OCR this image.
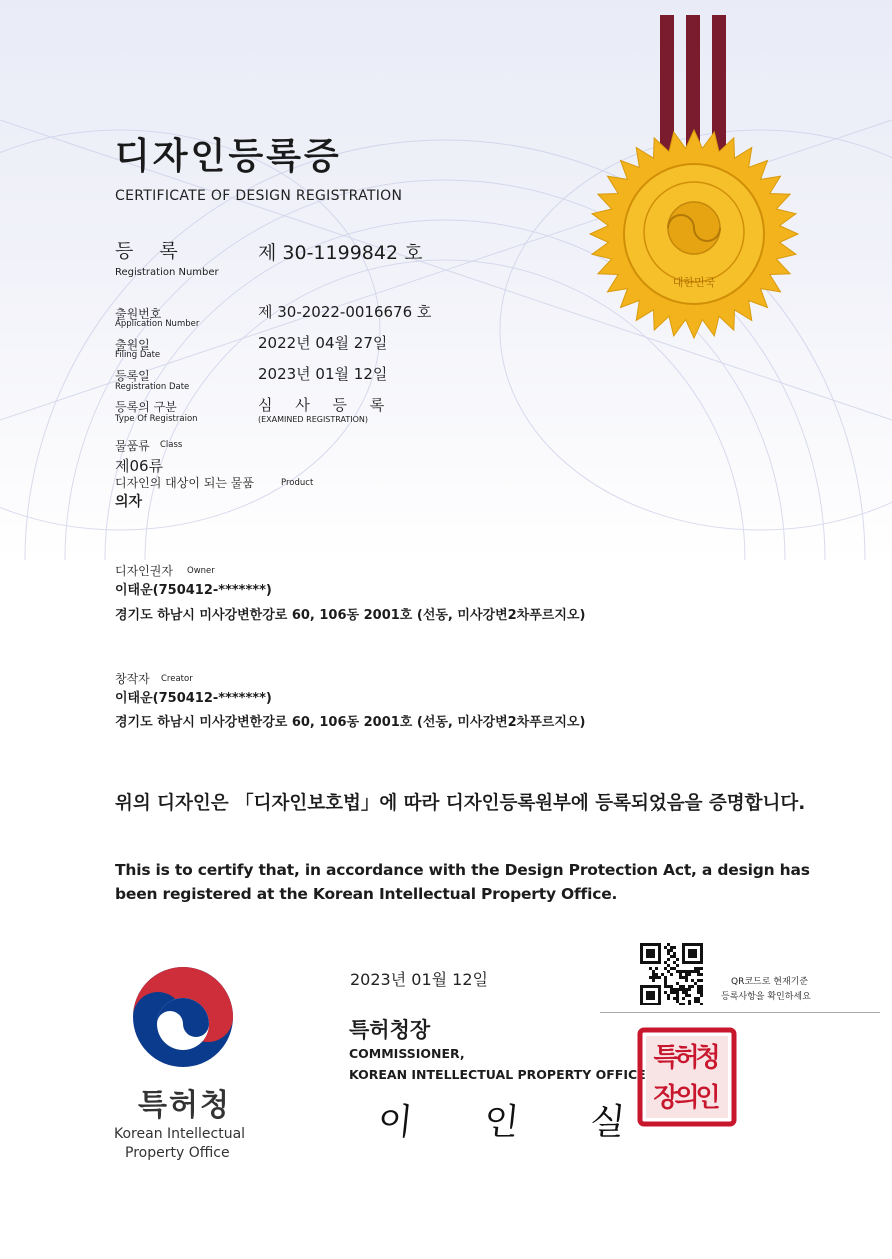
대한민국
디자인등록증
CERTIFICATE OF DESIGN REGISTRATION
등 록
Registration Number
제 30-1199842 호
출원번호
Application Number
제 30-2022-0016676 호
출원일
Filing Date
2022년 04월 27일
등록일
Registration Date
2023년 01월 12일
등록의 구분
Type Of Registraion
심 사 등 록
(EXAMINED REGISTRATION)
물품류 Class
제06류
디자인의 대상이 되는 물품	Product
의자
디자인권자 Owner
이태운(750412-*******)
경기도 하남시 미사강변한강로 60, 106동 2001호 (선동, 미사강변2차푸르지오)
창작자 Creator
이태운(750412-*******)
경기도 하남시 미사강변한강로 60, 106동 2001호 (선동, 미사강변2차푸르지오)
위의 디자인은 「디자인보호법」에 따라 디자인등록원부에 등록되었음을 증명합니다.
This is to certify that, in accordance with the Design Protection Act, a design has been registered at the Korean Intellectual Property Office.
특허청
Korean Intellectual
Property Office
2023년 01월 12일	QR코드로 현재기준
등록사항을 확인하세요
특허청장
COMMISSIONER,
KOREAN INTELLECTUAL PROPERTY OFFICE
이 인 실
특
허
청
장
의
인
